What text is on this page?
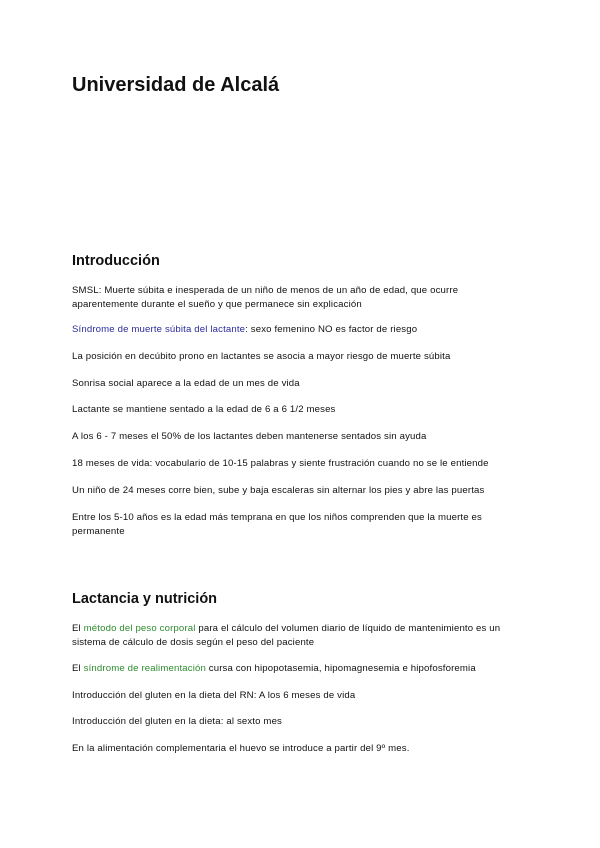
Universidad de Alcalá
Introducción

SMSL: Muerte súbita e inesperada de un niño de menos de un año de edad, que ocurre aparentemente durante el sueño y que permanece sin explicación

Síndrome de muerte súbita del lactante: sexo femenino NO es factor de riesgo

La posición en decúbito prono en lactantes se asocia a mayor riesgo de muerte súbita

Sonrisa social aparece a la edad de un mes de vida

Lactante se mantiene sentado a la edad de 6 a 6 1/2 meses

A los 6 - 7 meses el 50% de los lactantes deben mantenerse sentados sin ayuda

18 meses de vida: vocabulario de 10-15 palabras y siente frustración cuando no se le entiende

Un niño de 24 meses corre bien, sube y baja escaleras sin alternar los pies y abre las puertas

Entre los 5-10 años es la edad más temprana en que los niños comprenden que la muerte es permanente

Lactancia y nutrición

El método del peso corporal para el cálculo del volumen diario de líquido de mantenimiento es un sistema de cálculo de dosis según el peso del paciente

El síndrome de realimentación cursa con hipopotasemia, hipomagnesemia e hipofosforemia

Introducción del gluten en la dieta del RN: A los 6 meses de vida

Introducción del gluten en la dieta: al sexto mes

En la alimentación complementaria el huevo se introduce a partir del 9º mes.
